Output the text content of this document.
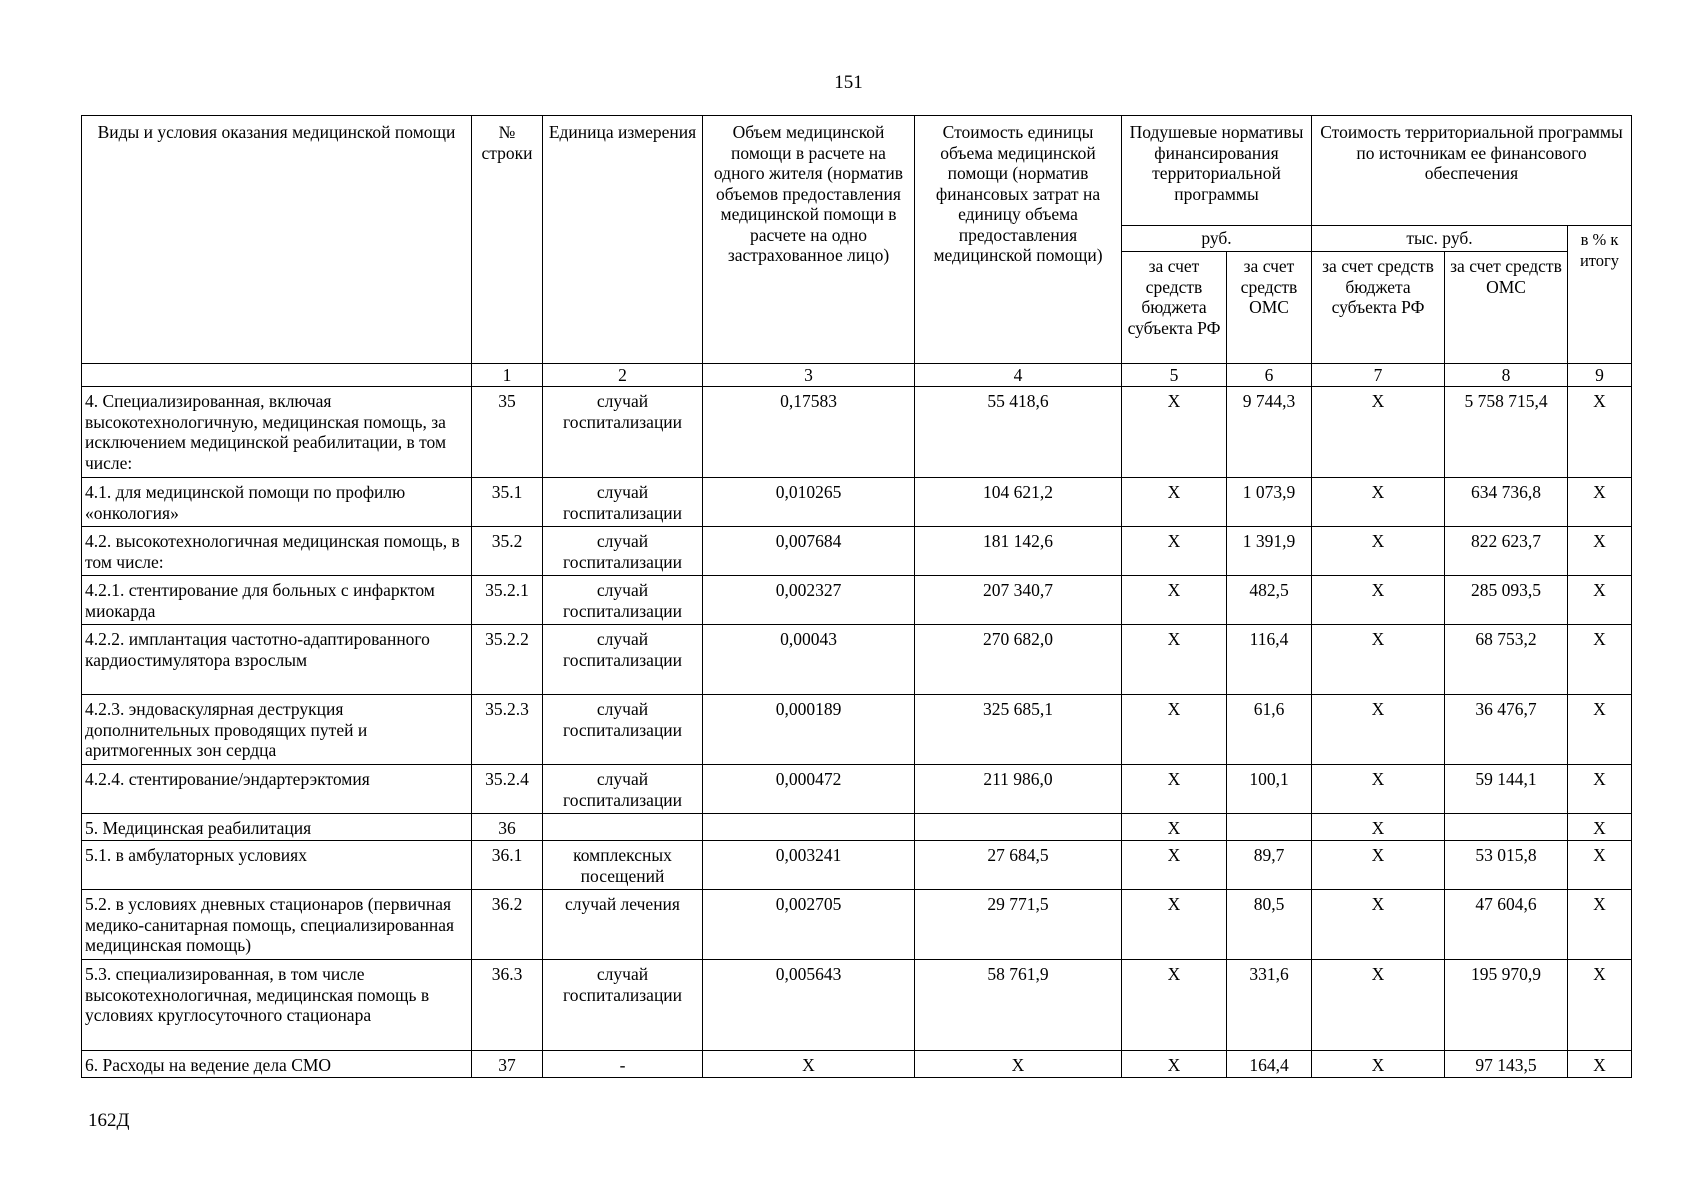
151
Виды и условия оказания медицинской помощи	№ строки	Единица измерения	Объем медицинской помощи в расчете на одного жителя (норматив объемов предоставления медицинской помощи в расчете на одно застрахованное лицо)	Стоимость единицы объема медицинской помощи (норматив финансовых затрат на единицу объема предоставления медицинской помощи)	Подушевые нормативы финансирования территориальной программы		Стоимость территориальной программы по источникам ее финансового обеспечения		
					руб.		тыс. руб.		в % к итогу
					за счет средств бюджета субъекта РФ	за счет средств ОМС	за счет средств бюджета субъекта РФ	за счет средств ОМС	
	1	2	3	4	5	6	7	8	9
4. Специализированная, включая высокотехнологичную, медицинская помощь, за исключением медицинской реабилитации, в том числе:	35	случай госпитализации	0,17583	55 418,6	X	9 744,3	X	5 758 715,4	X
4.1. для медицинской помощи по профилю «онкология»	35.1	случай госпитализации	0,010265	104 621,2	X	1 073,9	X	634 736,8	X
4.2. высокотехнологичная медицинская помощь, в том числе:	35.2	случай госпитализации	0,007684	181 142,6	X	1 391,9	X	822 623,7	X
4.2.1. стентирование для больных с инфарктом миокарда	35.2.1	случай госпитализации	0,002327	207 340,7	X	482,5	X	285 093,5	X
4.2.2. имплантация частотно-адаптированного кардиостимулятора взрослым	35.2.2	случай госпитализации	0,00043	270 682,0	X	116,4	X	68 753,2	X
4.2.3. эндоваскулярная деструкция дополнительных проводящих путей и аритмогенных зон сердца	35.2.3	случай госпитализации	0,000189	325 685,1	X	61,6	X	36 476,7	X
4.2.4. стентирование/эндартерэктомия	35.2.4	случай госпитализации	0,000472	211 986,0	X	100,1	X	59 144,1	X
5. Медицинская реабилитация	36				X		X		X
5.1. в амбулаторных условиях	36.1	комплексных посещений	0,003241	27 684,5	X	89,7	X	53 015,8	X
5.2. в условиях дневных стационаров (первичная медико-санитарная помощь, специализированная медицинская помощь)	36.2	случай лечения	0,002705	29 771,5	X	80,5	X	47 604,6	X
5.3. специализированная, в том числе высокотехнологичная, медицинская помощь в условиях круглосуточного стационара	36.3	случай госпитализации	0,005643	58 761,9	X	331,6	X	195 970,9	X
6. Расходы на ведение дела СМО	37	-	X	X	X	164,4	X	97 143,5	X
162Д
